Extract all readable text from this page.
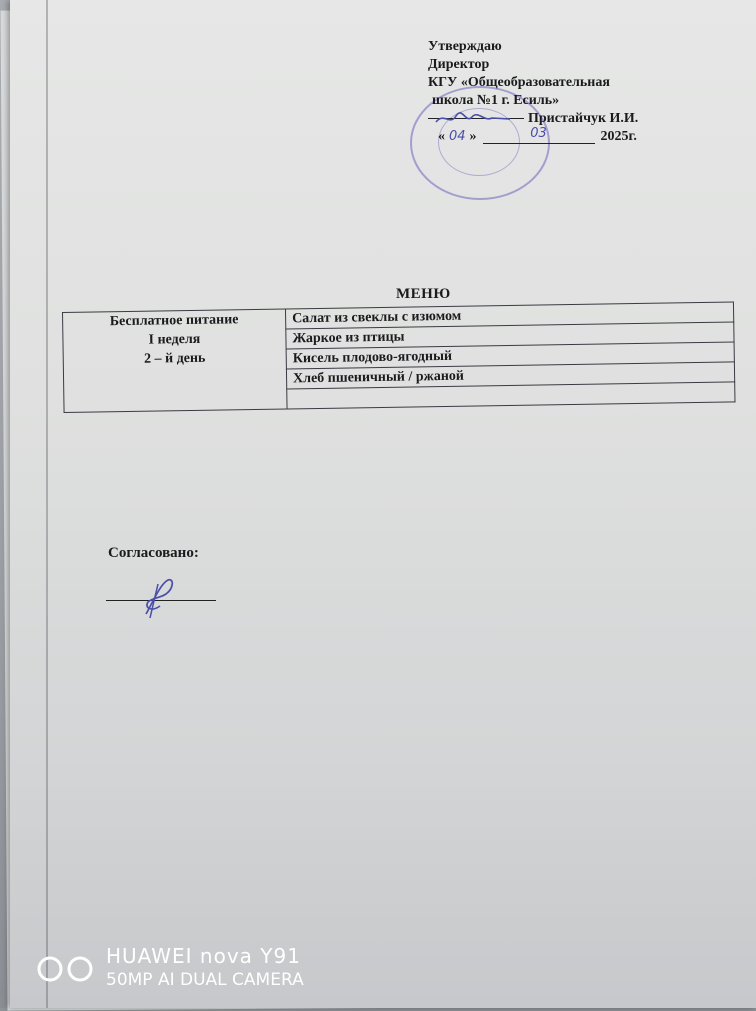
Утверждаю
Директор
КГУ «Общеобразовательная
школа №1 г. Есиль»
Пристайчук И.И.
« 04 »	03	2025г.
МЕНЮ
Бесплатное питание
I неделя
2 – й день
	Салат из свеклы с изюмом
Жаркое из птицы
Кисель плодово-ягодный
Хлеб пшеничный / ржаной

Согласовано:
HUAWEI nova Y91
50MP AI DUAL CAMERA
